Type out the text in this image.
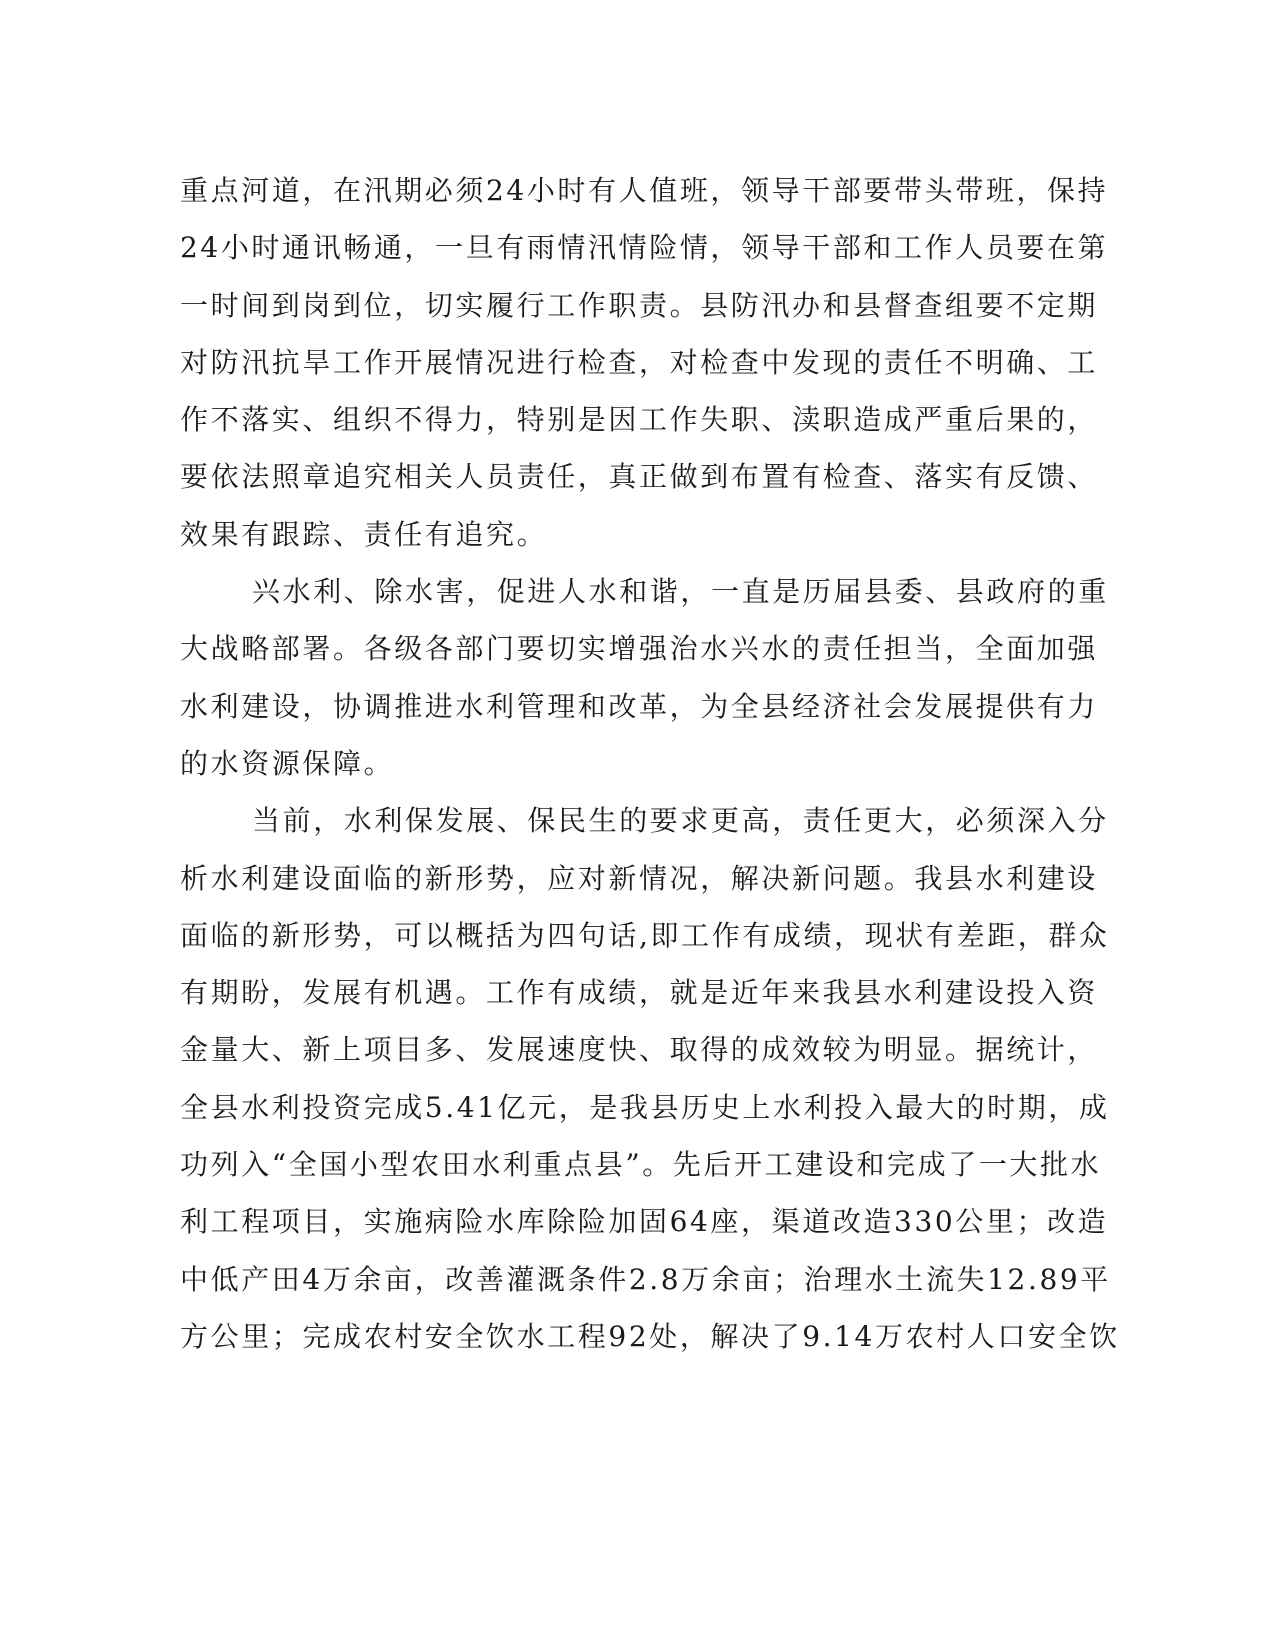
重点河道，在汛期必须24小时有人值班，领导干部要带头带班，保持
24小时通讯畅通，一旦有雨情汛情险情，领导干部和工作人员要在第
一时间到岗到位，切实履行工作职责。县防汛办和县督查组要不定期
对防汛抗旱工作开展情况进行检查，对检查中发现的责任不明确、工
作不落实、组织不得力，特别是因工作失职、渎职造成严重后果的，
要依法照章追究相关人员责任，真正做到布置有检查、落实有反馈、
效果有跟踪、责任有追究。
兴水利、除水害，促进人水和谐，一直是历届县委、县政府的重
大战略部署。各级各部门要切实增强治水兴水的责任担当，全面加强
水利建设，协调推进水利管理和改革，为全县经济社会发展提供有力
的水资源保障。
当前，水利保发展、保民生的要求更高，责任更大，必须深入分
析水利建设面临的新形势，应对新情况，解决新问题。我县水利建设
面临的新形势，可以概括为四句话,即工作有成绩，现状有差距，群众
有期盼，发展有机遇。工作有成绩，就是近年来我县水利建设投入资
金量大、新上项目多、发展速度快、取得的成效较为明显。据统计，
全县水利投资完成5.41亿元，是我县历史上水利投入最大的时期，成
功列入“全国小型农田水利重点县”。先后开工建设和完成了一大批水
利工程项目，实施病险水库除险加固64座，渠道改造330公里；改造
中低产田4万余亩，改善灌溉条件2.8万余亩；治理水土流失12.89平
方公里；完成农村安全饮水工程92处，解决了9.14万农村人口安全饮
